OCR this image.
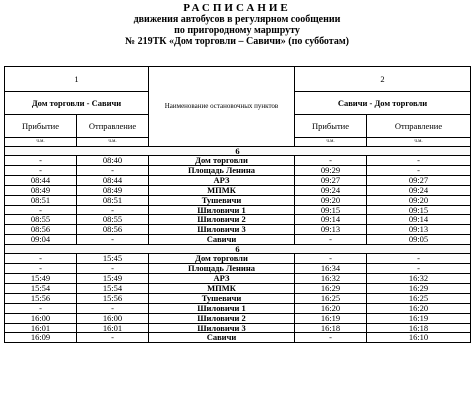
РАСПИСАНИЕ
движения автобусов в регулярном сообщении
по пригородному маршруту
№ 219ТК «Дом торговли – Савичи» (по субботам)
1		Наименование остановочных пунктов	2	
Дом торговли - Савичи			Савичи - Дом торговли	
Прибытие	Отправление		Прибытие	Отправление
ч.м.	ч.м.		ч.м.	ч.м.
6				
-	08:40	Дом торговли	-	-
-	-	Площадь Ленина	09:29	-
08:44	08:44	АРЗ	09:27	09:27
08:49	08:49	МПМК	09:24	09:24
08:51	08:51	Тушевичи	09:20	09:20
-	-	Шиловичи 1	09:15	09:15
08:55	08:55	Шиловичи 2	09:14	09:14
08:56	08:56	Шиловичи 3	09:13	09:13
09:04	-	Савичи	-	09:05
6				
-	15:45	Дом торговли	-	-
-	-	Площадь Ленина	16:34	-
15:49	15:49	АРЗ	16:32	16:32
15:54	15:54	МПМК	16:29	16:29
15:56	15:56	Тушевичи	16:25	16:25
-	-	Шиловичи 1	16:20	16:20
16:00	16:00	Шиловичи 2	16:19	16:19
16:01	16:01	Шиловичи 3	16:18	16:18
16:09	-	Савичи	-	16:10
